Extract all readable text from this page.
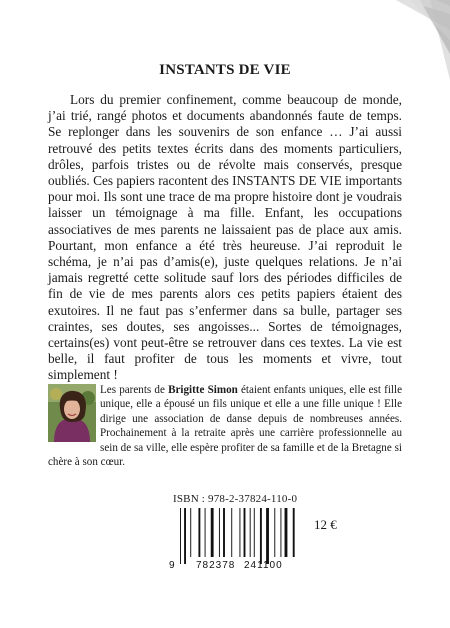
INSTANTS DE VIE

Lors du premier confinement, comme beaucoup de monde, j’ai trié, rangé photos et documents abandonnés faute de temps. Se replonger dans les souvenirs de son enfance … J’ai aussi retrouvé des petits textes écrits dans des moments particuliers, drôles, parfois tristes ou de révolte mais conservés, presque oubliés. Ces papiers racontent des INSTANTS DE VIE importants pour moi. Ils sont une trace de ma propre histoire dont je voudrais laisser un témoignage à ma fille. Enfant, les occupations associatives de mes parents ne laissaient pas de place aux amis. Pourtant, mon enfance a été très heureuse. J’ai reproduit le schéma, je n’ai pas d’amis(e), juste quelques relations. Je n’ai jamais regretté cette solitude sauf lors des périodes difficiles de fin de vie de mes parents alors ces petits papiers étaient des exutoires. Il ne faut pas s’enfermer dans sa bulle, partager ses craintes, ses doutes, ses angoisses... Sortes de témoignages, certains(es) vont peut-être se retrouver dans ces textes. La vie est belle, il faut profiter de tous les moments et vivre, tout simplement !

Les parents de Brigitte Simon étaient enfants uniques, elle est fille unique, elle a épousé un fils unique et elle a une fille unique ! Elle dirige une association de danse depuis de nombreuses années. Prochainement à la retraite après une carrière professionnelle au sein de sa ville, elle espère profiter de sa famille et de la Bretagne si chère à son cœur.
ISBN : 978-2-37824-110-0
9 782378 241100
12 €
